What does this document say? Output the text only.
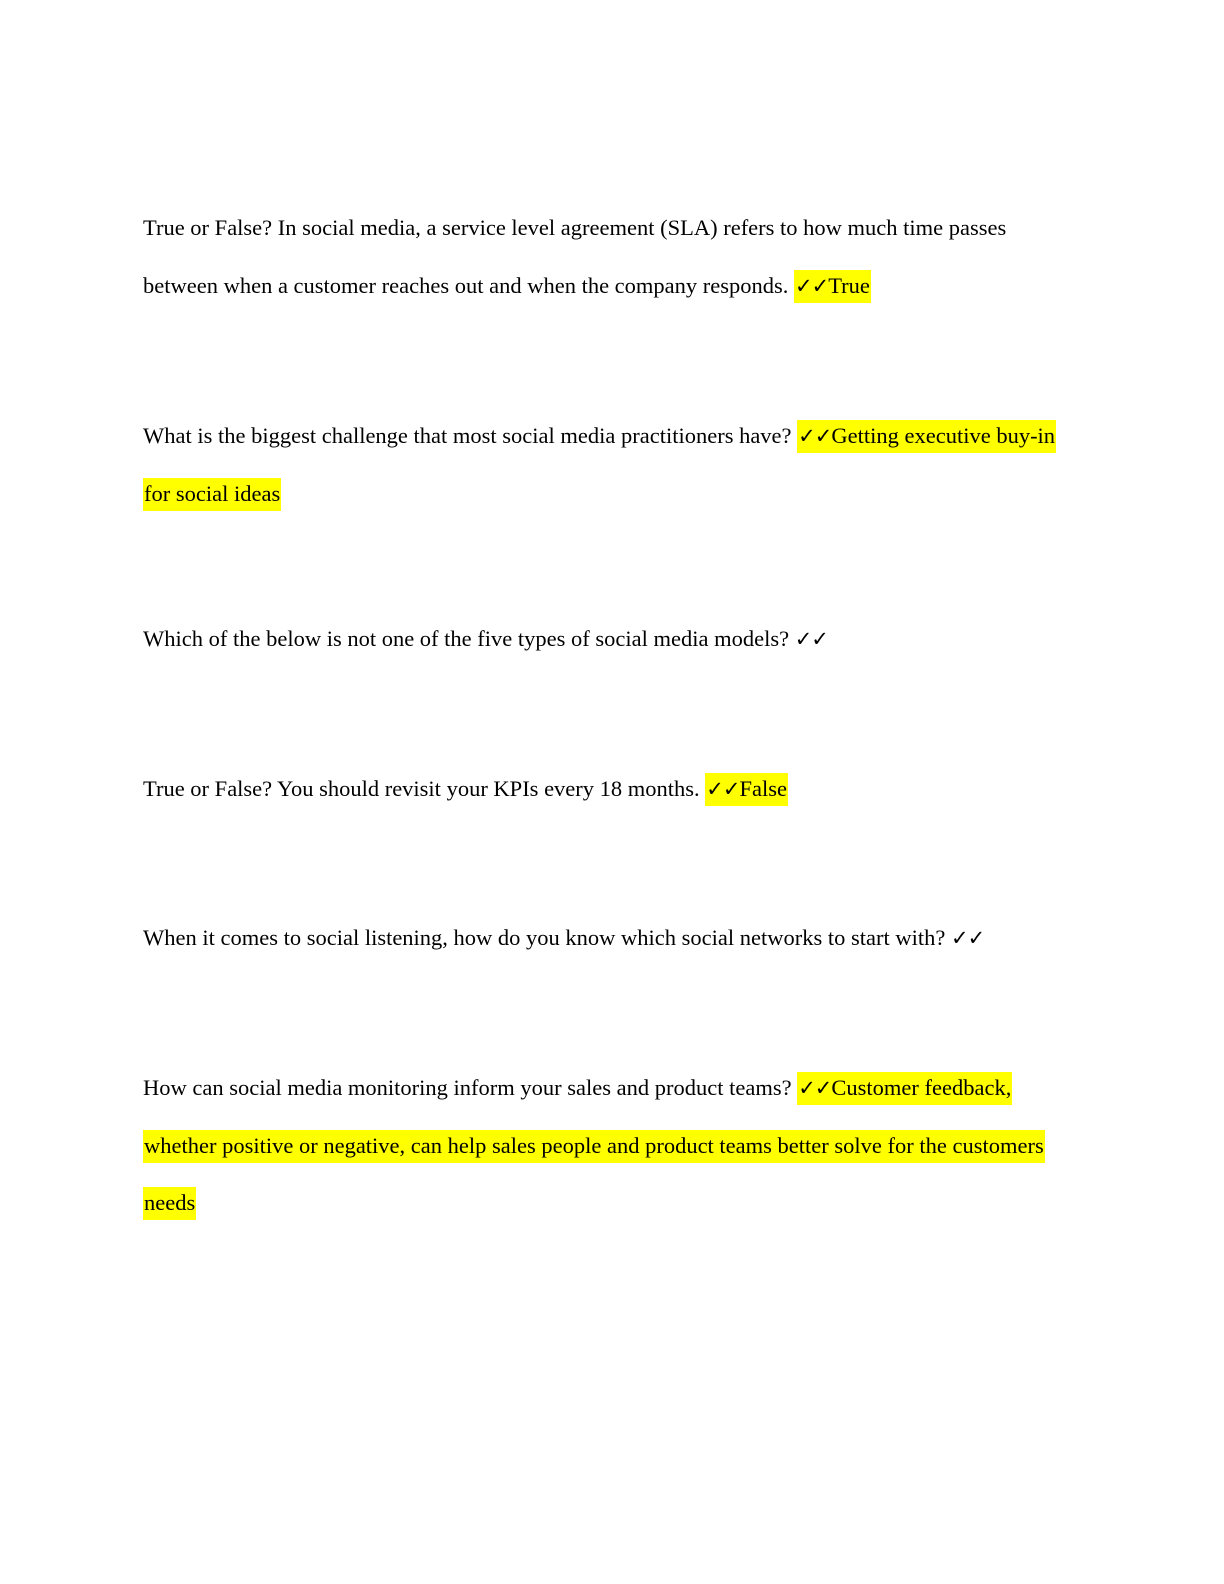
True or False? In social media, a service level agreement (SLA) refers to how much time passes between when a customer reaches out and when the company responds. ✓✓True

What is the biggest challenge that most social media practitioners have? ✓✓Getting executive buy-in for social ideas

Which of the below is not one of the five types of social media models? ✓✓

True or False? You should revisit your KPIs every 18 months. ✓✓False

When it comes to social listening, how do you know which social networks to start with? ✓✓

How can social media monitoring inform your sales and product teams? ✓✓Customer feedback, whether positive or negative, can help sales people and product teams better solve for the customers needs
